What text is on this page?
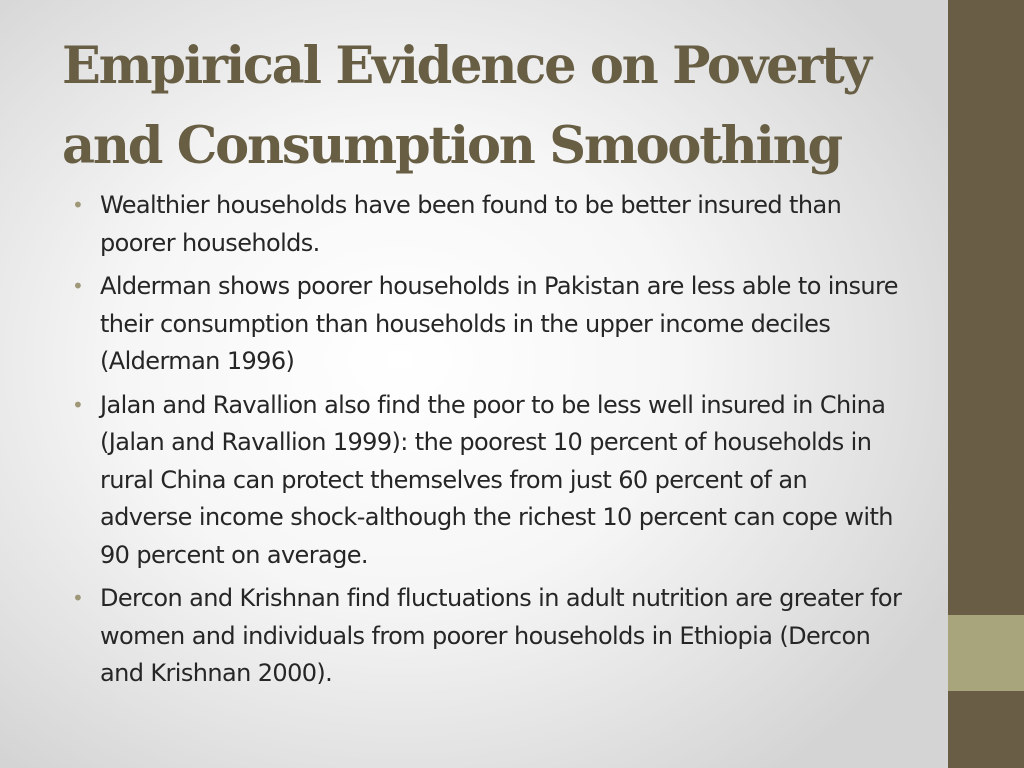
Empirical Evidence on Poverty and Consumption Smoothing
• Wealthier households have been found to be better insured than poorer households.
• Alderman shows poorer households in Pakistan are less able to insure their consumption than households in the upper income deciles (Alderman 1996)
• Jalan and Ravallion also find the poor to be less well insured in China (Jalan and Ravallion 1999): the poorest 10 percent of households in rural China can protect themselves from just 60 percent of an adverse income shock-although the richest 10 percent can cope with 90 percent on average.
• Dercon and Krishnan find fluctuations in adult nutrition are greater for women and individuals from poorer households in Ethiopia (Dercon and Krishnan 2000).
